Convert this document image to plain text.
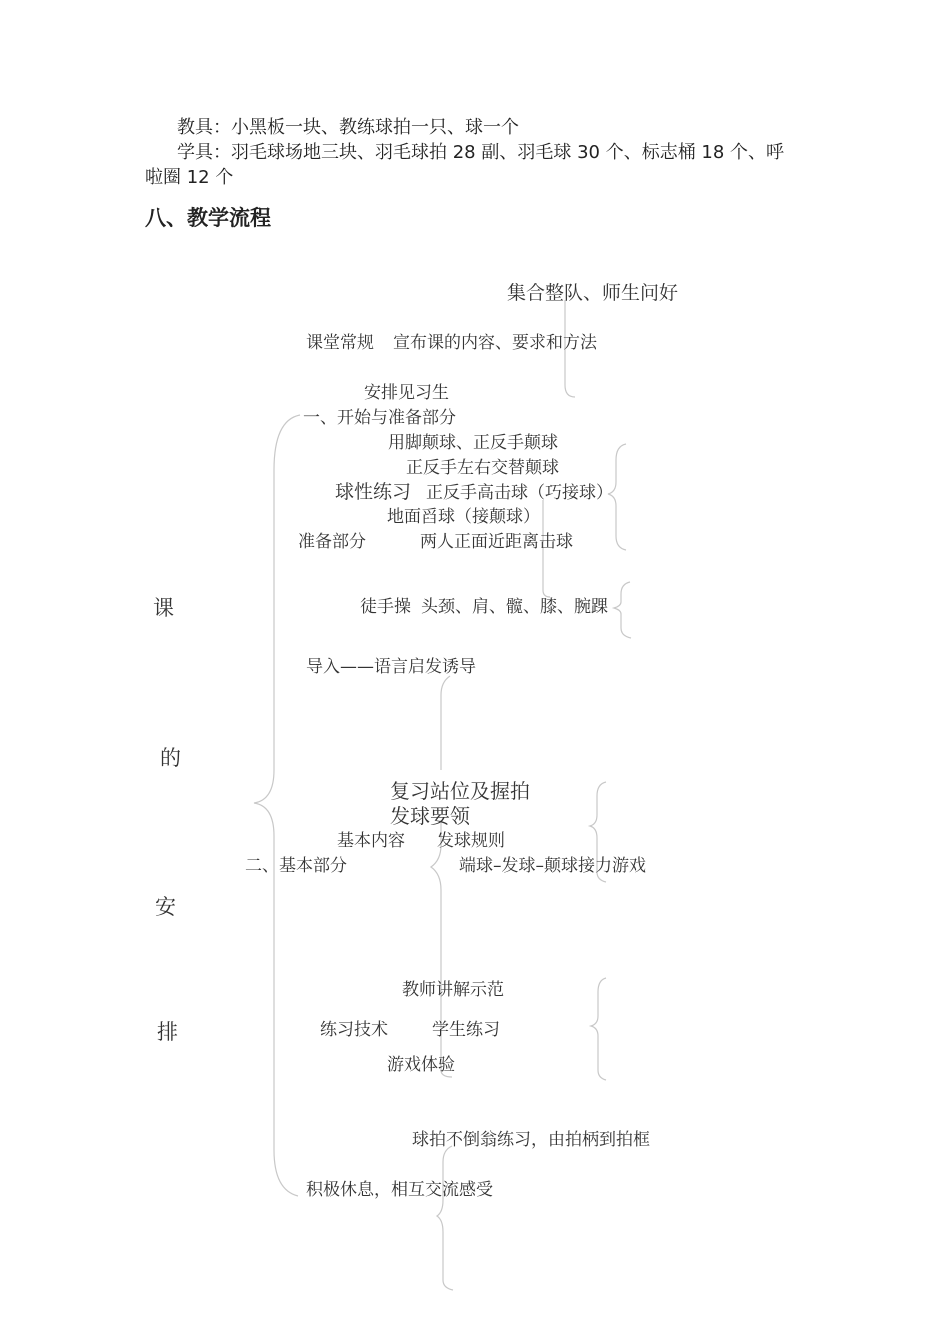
教具：小黑板一块、教练球拍一只、球一个
学具：羽毛球场地三块、羽毛球拍 28 副、羽毛球 30 个、标志桶 18 个、呼
啦圈 12 个
八、教学流程
课
的
安
排
集合整队、师生问好
课堂常规 宣布课的内容、要求和方法
安排见习生
一、开始与准备部分
用脚颠球、正反手颠球
正反手左右交替颠球
球性练习 正反手高击球（巧接球）
地面舀球（接颠球）
准备部分	两人正面近距离击球
徒手操 头颈、肩、髋、膝、腕踝
导入——语言启发诱导
复习站位及握拍
发球要领
基本内容 发球规则
二、基本部分	端球–发球–颠球接力游戏
教师讲解示范
练习技术	学生练习
游戏体验
球拍不倒翁练习，由拍柄到拍框
积极休息，相互交流感受
